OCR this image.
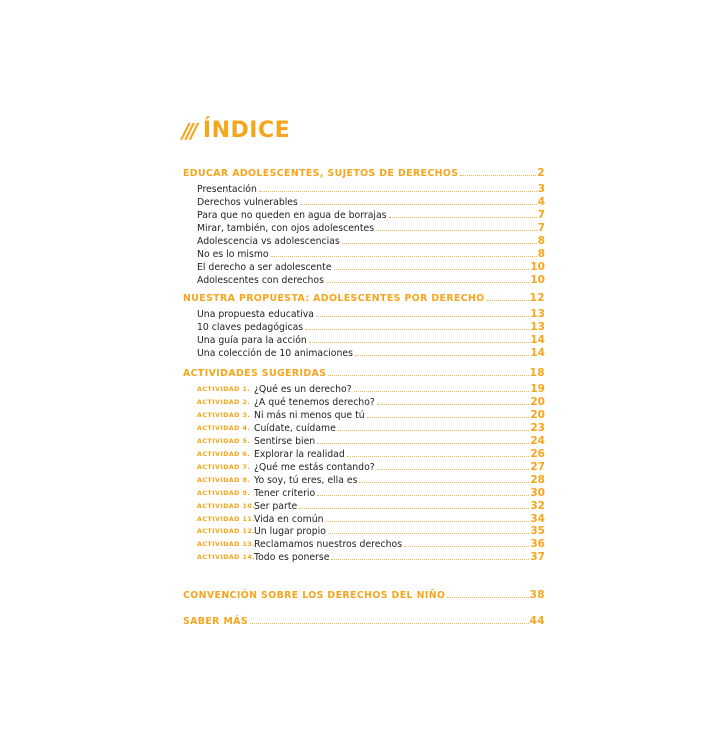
/// ÍNDICE
EDUCAR ADOLESCENTES, SUJETOS DE DERECHOS	2
Presentación	3
Derechos vulnerables	4
Para que no queden en agua de borrajas	7
Mirar, también, con ojos adolescentes	7
Adolescencia vs adolescencias	8
No es lo mismo	8
El derecho a ser adolescente	10
Adolescentes con derechos	10
NUESTRA PROPUESTA: ADOLESCENTES POR DERECHO	12
Una propuesta educativa	13
10 claves pedagógicas	13
Una guía para la acción	14
Una colección de 10 animaciones	14
ACTIVIDADES SUGERIDAS	18
ACTIVIDAD 1. ¿Qué es un derecho?	19
ACTIVIDAD 2. ¿A qué tenemos derecho?	20
ACTIVIDAD 3. Ni más ni menos que tú	20
ACTIVIDAD 4. Cuídate, cuídame	23
ACTIVIDAD 5. Sentirse bien	24
ACTIVIDAD 6. Explorar la realidad	26
ACTIVIDAD 7. ¿Qué me estás contando?	27
ACTIVIDAD 8. Yo soy, tú eres, ella es	28
ACTIVIDAD 9. Tener criterio	30
ACTIVIDAD 10. Ser parte	32
ACTIVIDAD 11. Vida en común	34
ACTIVIDAD 12. Un lugar propio	35
ACTIVIDAD 13. Reclamamos nuestros derechos	36
ACTIVIDAD 14. Todo es ponerse	37
CONVENCIÓN SOBRE LOS DERECHOS DEL NIÑO	38
SABER MÁS	44
